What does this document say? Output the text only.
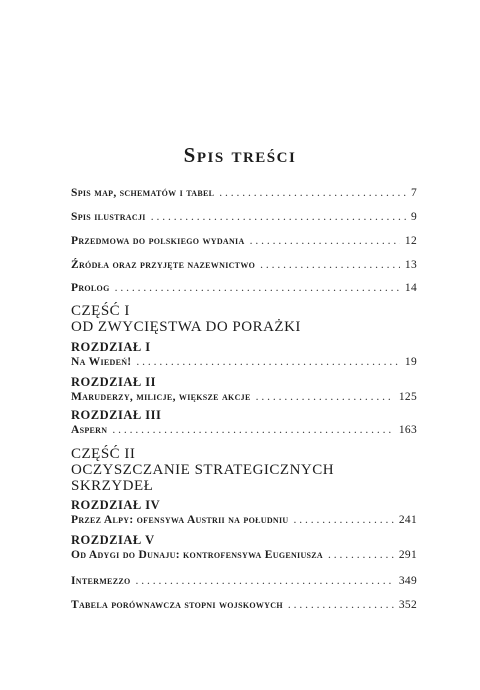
Spis treści
Spis map, schematów i tabel . . .	7
Spis ilustracji . . .	9
Przedmowa do polskiego wydania . . .	12
Źródła oraz przyjęte nazewnictwo . . .	13
Prolog . . .	14
CZĘŚĆ I
OD ZWYCIĘSTWA DO PORAŻKI
ROZDZIAŁ I
Na Wiedeń! . . .	19
ROZDZIAŁ II
Maruderzy, milicje, większe akcje . . .	125
ROZDZIAŁ III
Aspern . . .	163
CZĘŚĆ II
OCZYSZCZANIE STRATEGICZNYCH
SKRZYDEŁ
ROZDZIAŁ IV
Przez Alpy: ofensywa Austrii na południu . . .	241
ROZDZIAŁ V
Od Adygi do Dunaju: kontrofensywa Eugeniusza . . .	291
Intermezzo . . .	349
Tabela porównawcza stopni wojskowych . . .	352
